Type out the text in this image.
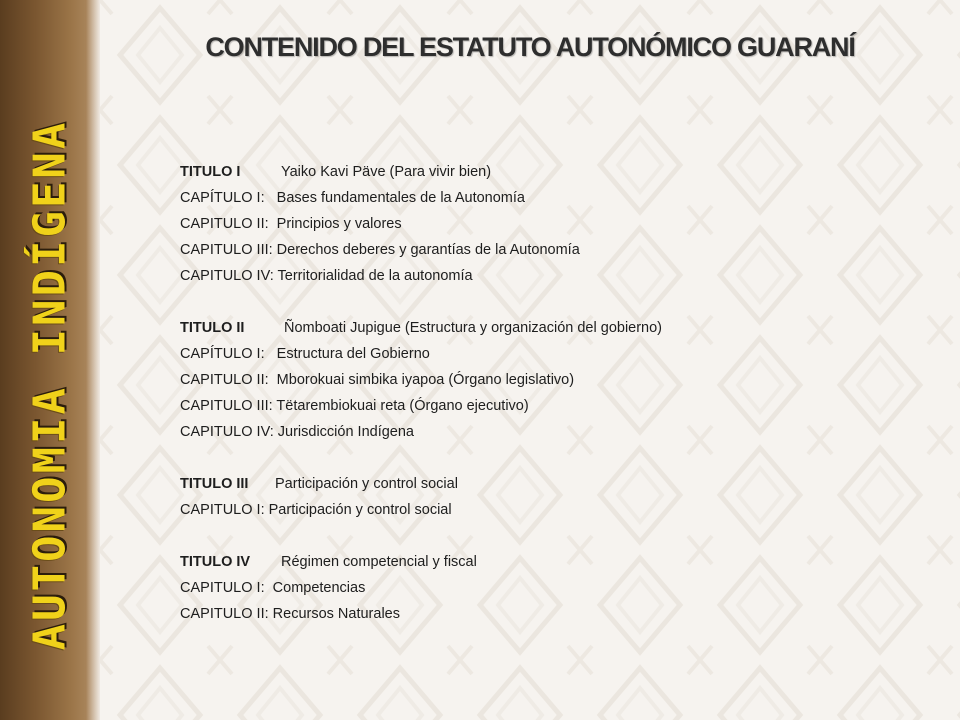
AUTONOMIA INDÍGENA
CONTENIDO DEL ESTATUTO AUTONÓMICO GUARANÍ
TITULO I	Yaiko Kavi Päve (Para vivir bien)
CAPÍTULO I:   Bases fundamentales de la Autonomía
CAPITULO II:  Principios y valores
CAPITULO III: Derechos deberes y garantías de la Autonomía
CAPITULO IV: Territorialidad de la autonomía
TITULO II	Ñomboati Jupigue (Estructura y organización del gobierno)
CAPÍTULO I:   Estructura del Gobierno
CAPITULO II:  Mborokuai simbika iyapoa (Órgano legislativo)
CAPITULO III: Tëtarembiokuai reta (Órgano ejecutivo)
CAPITULO IV: Jurisdicción Indígena
TITULO III Participación y control social
CAPITULO I: Participación y control social
TITULO IV Régimen competencial y fiscal
CAPITULO I:  Competencias
CAPITULO II: Recursos Naturales
